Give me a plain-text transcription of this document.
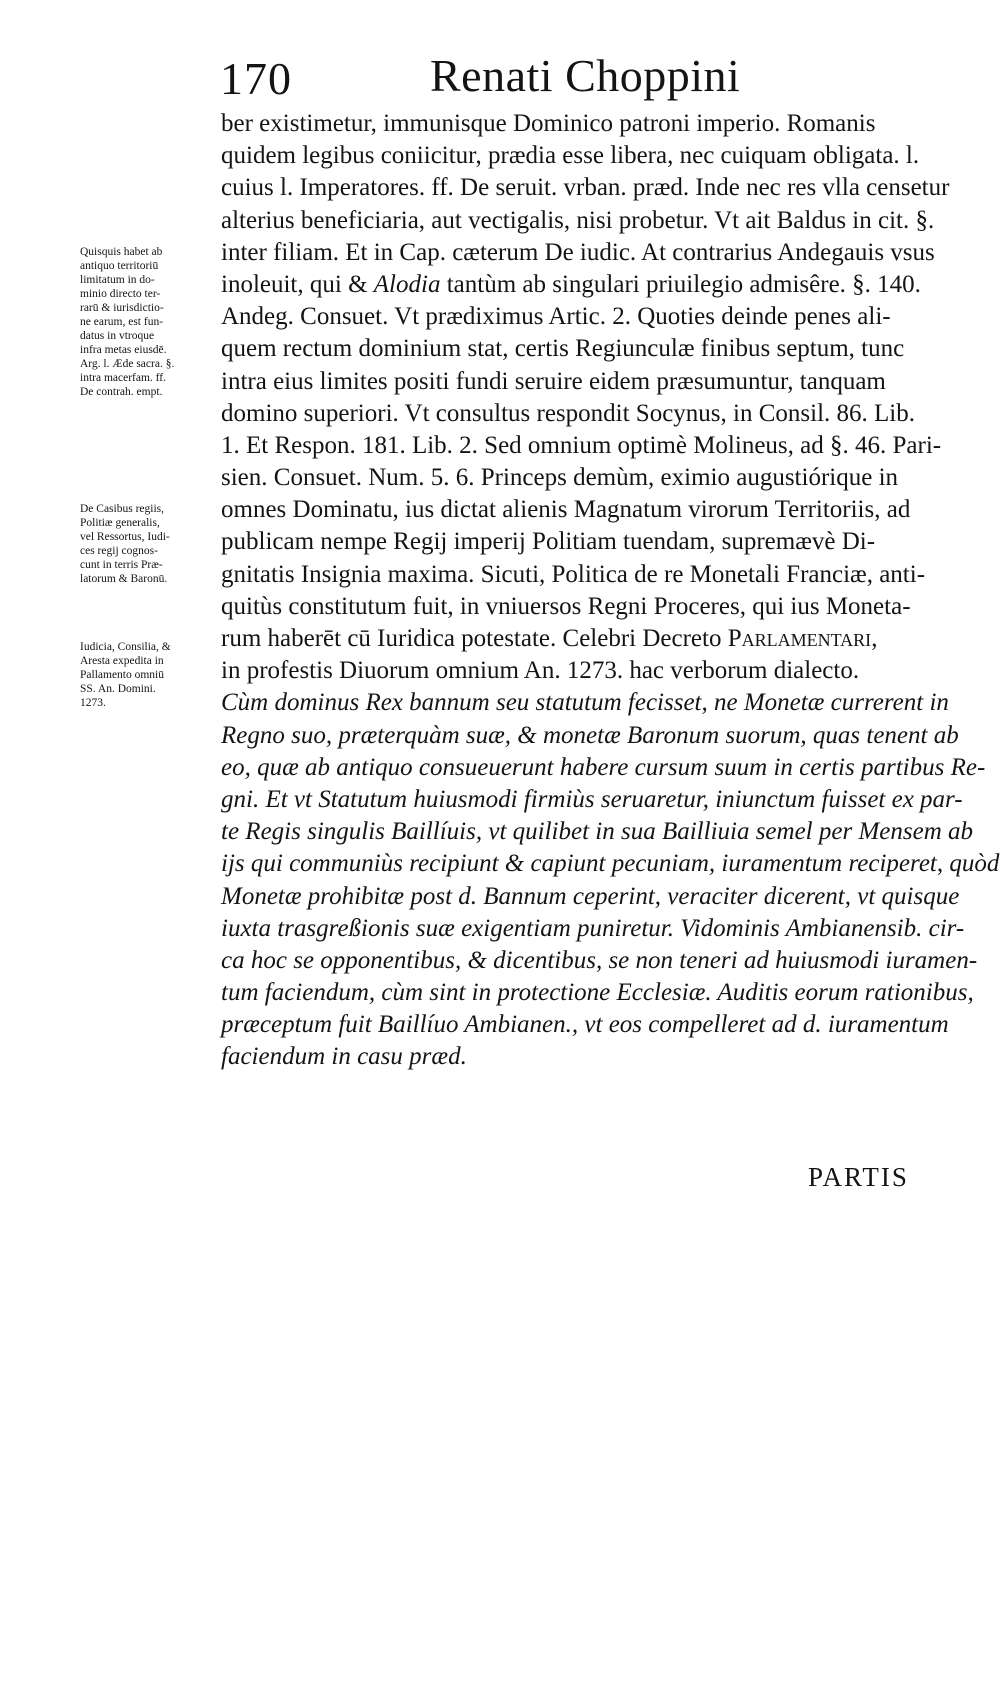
170	Renati Choppini
Quisquis habet ab
antiquo territoriū
limitatum in do-
minio directo ter-
rarū & iurisdictio-
ne earum, est fun-
datus in vtroque
infra metas eiusdē.
Arg. l. Æde sacra. §.
intra macerfam. ff.
De contrah. empt.
De Casibus regiis,
Politiæ generalis,
vel Ressortus, Iudi-
ces regij cognos-
cunt in terris Præ-
latorum & Baronū.
Iudicia, Consilia, &
Aresta expedita in
Pallamento omniū
SS. An. Domini.
1273.
ber existimetur, immunisque Dominico patroni imperio. Romanis
quidem legibus coniicitur, prædia esse libera, nec cuiquam obligata. l.
cuius l. Imperatores. ff. De seruit. vrban. præd. Inde nec res vlla censetur
alterius beneficiaria, aut vectigalis, nisi probetur. Vt ait Baldus in cit. §.
inter filiam. Et in Cap. cæterum De iudic. At contrarius Andegauis vsus
inoleuit, qui & Alodia tantùm ab singulari priuilegio admisêre. §. 140.
Andeg. Consuet. Vt prædiximus Artic. 2. Quoties deinde penes ali-
quem rectum dominium stat, certis Regiunculæ finibus septum, tunc
intra eius limites positi fundi seruire eidem præsumuntur, tanquam
domino superiori. Vt consultus respondit Socynus, in Consil. 86. Lib.
1. Et Respon. 181. Lib. 2. Sed omnium optimè Molineus, ad §. 46. Pari-
sien. Consuet. Num. 5. 6. Princeps demùm, eximio augustiórique in
omnes Dominatu, ius dictat alienis Magnatum virorum Territoriis, ad
publicam nempe Regij imperij Politiam tuendam, supremævè Di-
gnitatis Insignia maxima. Sicuti, Politica de re Monetali Franciæ, anti-
quitùs constitutum fuit, in vniuersos Regni Proceres, qui ius Moneta-
rum haberēt cū Iuridica potestate. Celebri Decreto Parlamentari,
in profestis Diuorum omnium An. 1273. hac verborum dialecto.
Cùm dominus Rex bannum seu statutum fecisset, ne Monetæ currerent in
Regno suo, præterquàm suæ, & monetæ Baronum suorum, quas tenent ab
eo, quæ ab antiquo consueuerunt habere cursum suum in certis partibus Re-
gni. Et vt Statutum huiusmodi firmiùs seruaretur, iniunctum fuisset ex par-
te Regis singulis Baillíuis, vt quilibet in sua Bailliuia semel per Mensem ab
ijs qui communiùs recipiunt & capiunt pecuniam, iuramentum reciperet, quòd
Monetæ prohibitæ post d. Bannum ceperint, veraciter dicerent, vt quisque
iuxta trasgreßionis suæ exigentiam puniretur. Vidominis Ambianensib. cir-
ca hoc se opponentibus, & dicentibus, se non teneri ad huiusmodi iuramen-
tum faciendum, cùm sint in protectione Ecclesiæ. Auditis eorum rationibus,
præceptum fuit Baillíuo Ambianen., vt eos compelleret ad d. iuramentum
faciendum in casu præd.
PARTIS
